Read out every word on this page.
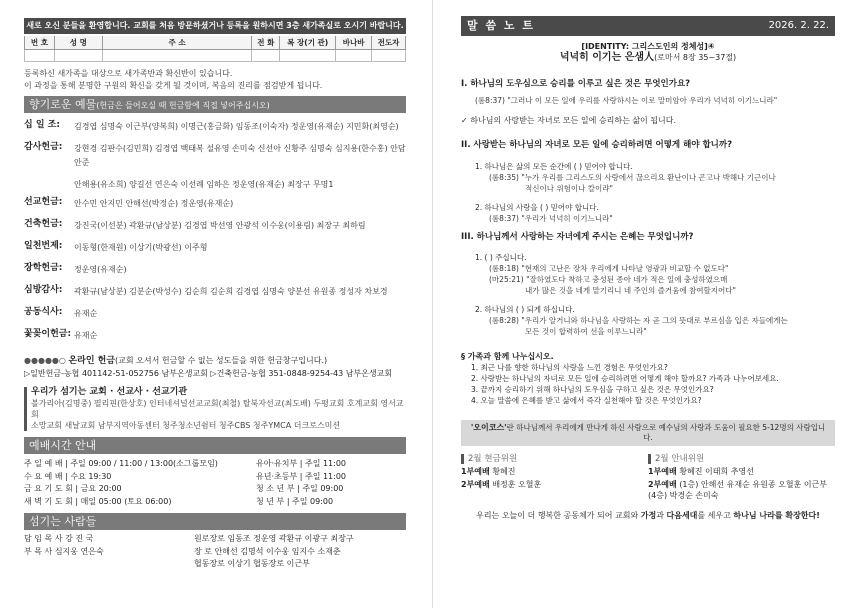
새로 오신 분들을 환영합니다. 교회를 처음 방문하셨거나 등록을 원하시면 3층 새가족실로 오시기 바랍니다.
번 호	성 명	주 소	전 화	복 장(기 관)	바나바	전도자

등록하신 새가족을 대상으로 새가족반과 확신반이 있습니다.
이 과정을 통해 분명한 구원의 확신을 갖게 될 것이며, 복음의 진리를 점검받게 됩니다.
향기로운 예물(헌금은 들어오실 때 헌금함에 직접 넣어주십시오)
십 일 조:	김경엽 심명숙 이근부(양복희) 이명근(홍금화) 임동조(이숙자) 정운영(유재순) 지민화(최영순)
감사헌금:	강현경 김판수(김민희) 김경엽 백태복 설유영 손미숙 신선아 신황주 심명숙 심지용(한수홍) 안담 안준
안해용(유소희) 양길선 연은숙 이선례 임하은 정운영(유재순) 최장구 무명1
선교헌금:	안수민 안지민 안해선(박정순) 정운영(유재순)
건축헌금:	강진국(이선분) 곽환규(남상분) 김경엽 박선영 안광석 이수웅(이용림) 최장구 최하림
일천번제:	이동형(한재원) 이상기(박광선) 이주형
장학헌금:	정운영(유재순)
심방감사:	곽환규(남상분) 김분순(박성수) 김순희 김순희 김경엽 심명숙 양분선 유원종 정성자 차보경
공동식사:	유재순
꽃꽂이헌금: 유재순
●●●●●○ 온라인 헌금(교회 오셔서 헌금할 수 없는 성도들을 위한 헌금창구입니다.)
▷일반헌금-농협 401142-51-052756 남부온생교회 ▷건축헌금-농협 351-0848-9254-43 남부온생교회
우리가 섬기는 교회 · 선교사 · 선교기관
볼가리아(김명중) 필리핀(한상호) 인터네셔널선교교회(최철) 탈북자선교(최도배) 두평교회 호계교회 영서교회
소망교회 새날교회 남부지역아동센터 청주청소년쉼터 청주CBS 청주YMCA 더크로스미션
예배시간 안내
주 일 예 배 | 주일 09:00 / 11:00 / 13:00(소그룹모임)
수 요 예 배 | 수요 19:30
금 요 기 도 회 | 금요 20:00
새 벽 기 도 회 | 매일 05:00 (토요 06:00)
유아·유치부 | 주일 11:00
유년·초등부 | 주일 11:00
청 소 년 부 | 주일 09:00
청 년 부 | 주일 09:00
섬기는 사람들
담 임 목 사 강 진 국
부 목 사 심지웅 연은숙
원로장로 임동조 정운영 곽환규 이광구 최장구
장 로 안해선 김명석 이수웅 임지수 소재춘
협동장로 이상기 협동장로 이근부
말 씀 노 트	2026. 2. 22.
[IDENTITY: 그리스도인의 정체성]④
넉넉히 이기는 은샘人(로마서 8장 35~37절)
I. 하나님의 도우심으로 승리를 이루고 싶은 것은 무엇인가요?
(롬8:37) "그러나 이 모든 일에 우리를 사랑하시는 이로 말미암아 우리가 넉넉히 이기느니라"
✓ 하나님의 사랑받는 자녀로 모든 일에 승리하는 삶이 됩니다.
II. 사랑받는 하나님의 자녀로 모든 일에 승리하려면 어떻게 해야 합니까?
1. 하나님은 삶의 모든 순간에 ( ) 믿어야 합니다.
(롬8:35) "누가 우리를 그리스도의 사랑에서 끊으리요 환난이나 곤고나 박해나 기근이나
적신이나 위험이나 칼이랴"
2. 하나님의 사랑을 ( ) 믿어야 합니다.
(롬8:37) "우리가 넉넉히 이기느니라"
III. 하나님께서 사랑하는 자녀에게 주시는 은혜는 무엇입니까?
1. ( ) 주십니다.
(롬8:18) "현재의 고난은 장차 우리에게 나타날 영광과 비교할 수 없도다"
(마25:21) "잘하였도다 착하고 충성된 종아 네가 적은 일에 충성하였으매
내가 많은 것을 네게 맡기리니 네 주인의 즐거움에 참여할지어다"
2. 하나님의 ( ) 되게 하십니다.
(롬8:28) "우리가 알거니와 하나님을 사랑하는 자 곧 그의 뜻대로 부르심을 입은 자들에게는
모든 것이 합력하여 선을 이루느니라"
§ 가족과 함께 나누십시오.
1. 최근 나를 향한 하나님의 사랑을 느낀 경험은 무엇인가요?
2. 사랑받는 하나님의 자녀로 모든 일에 승리하려면 어떻게 해야 할까요? 가족과 나누어보세요.
3. 끝까지 승리하기 위해 하나님의 도우심을 구하고 싶은 것은 무엇인가요?
4. 오늘 말씀에 은혜를 받고 삶에서 즉각 실천해야 할 것은 무엇인가요?
'오이코스'란 하나님께서 우리에게 만나게 하신 사람으로 예수님의 사랑과 도움이 필요한 5-12명의 사람입니다.
2월 현금위원
1부예배 황혜진
2부예배 배정훈 오혈훈
2월 안내위원
1부예배 황혜진 이태희 추영선
2부예배 (1층) 안해선 유재순 유원종 오혈훈 이근부 (4층) 박경순 손미숙
우리는 오늘이 더 행복한 공동체가 되어 교회와 가정과 다음세대를 세우고 하나님 나라를 확장한다!
